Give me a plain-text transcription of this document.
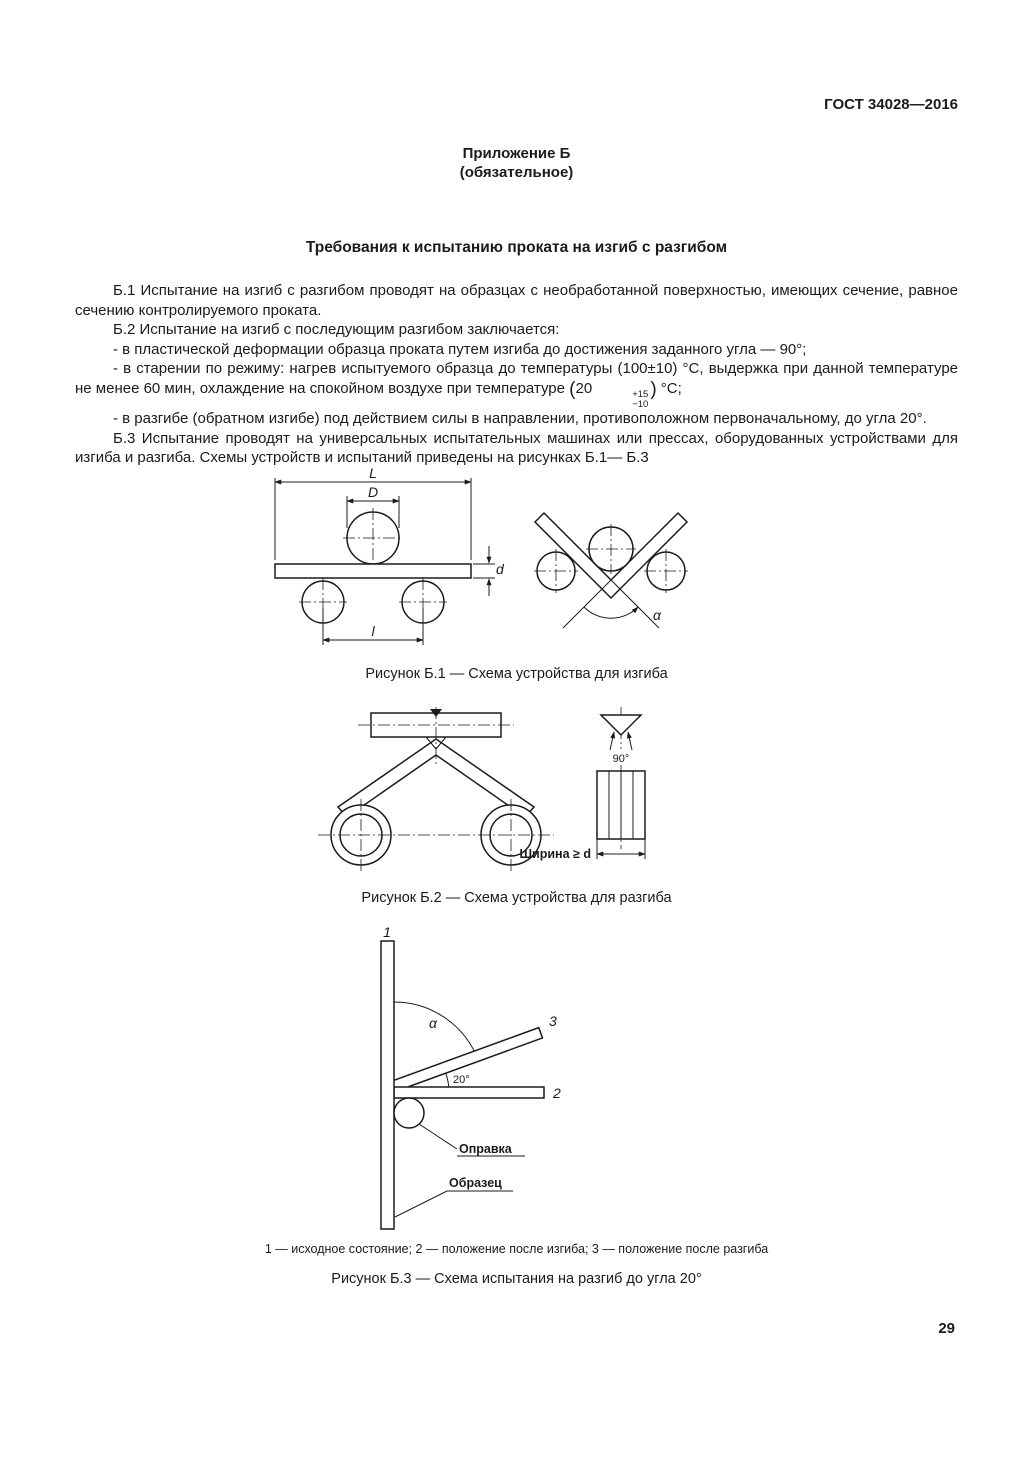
ГОСТ 34028—2016
Приложение Б
(обязательное)
Требования к испытанию проката на изгиб с разгибом

Б.1 Испытание на изгиб с разгибом проводят на образцах с необработанной поверхностью, имеющих сечение, равное сечению контролируемого проката.

Б.2 Испытание на изгиб с последующим разгибом заключается:

- в пластической деформации образца проката путем изгиба до достижения заданного угла — 90°;

- в старении по режиму: нагрев испытуемого образца до температуры (100±10) °С, выдержка при данной температуре не менее 60 мин, охлаждение на спокойном воздухе при температуре (20	+15
−10
) °С;

- в разгибе (обратном изгибе) под действием силы в направлении, противоположном первоначальному, до угла 20°.

Б.3 Испытание проводят на универсальных испытательных машинах или прессах, оборудованных устройствами для изгиба и разгиба. Схемы устройств и испытаний приведены на рисунках Б.1— Б.3

L
D
d
l
α
Рисунок Б.1 — Схема устройства для изгиба
90°
Ширина ≥ d
Рисунок Б.2 — Схема устройства для разгиба
α
20°
1
2
3
Оправка
Образец
1 — исходное состояние; 2 — положение после изгиба; 3 — положение после разгиба
Рисунок Б.3 — Схема испытания на разгиб до угла 20°
29
